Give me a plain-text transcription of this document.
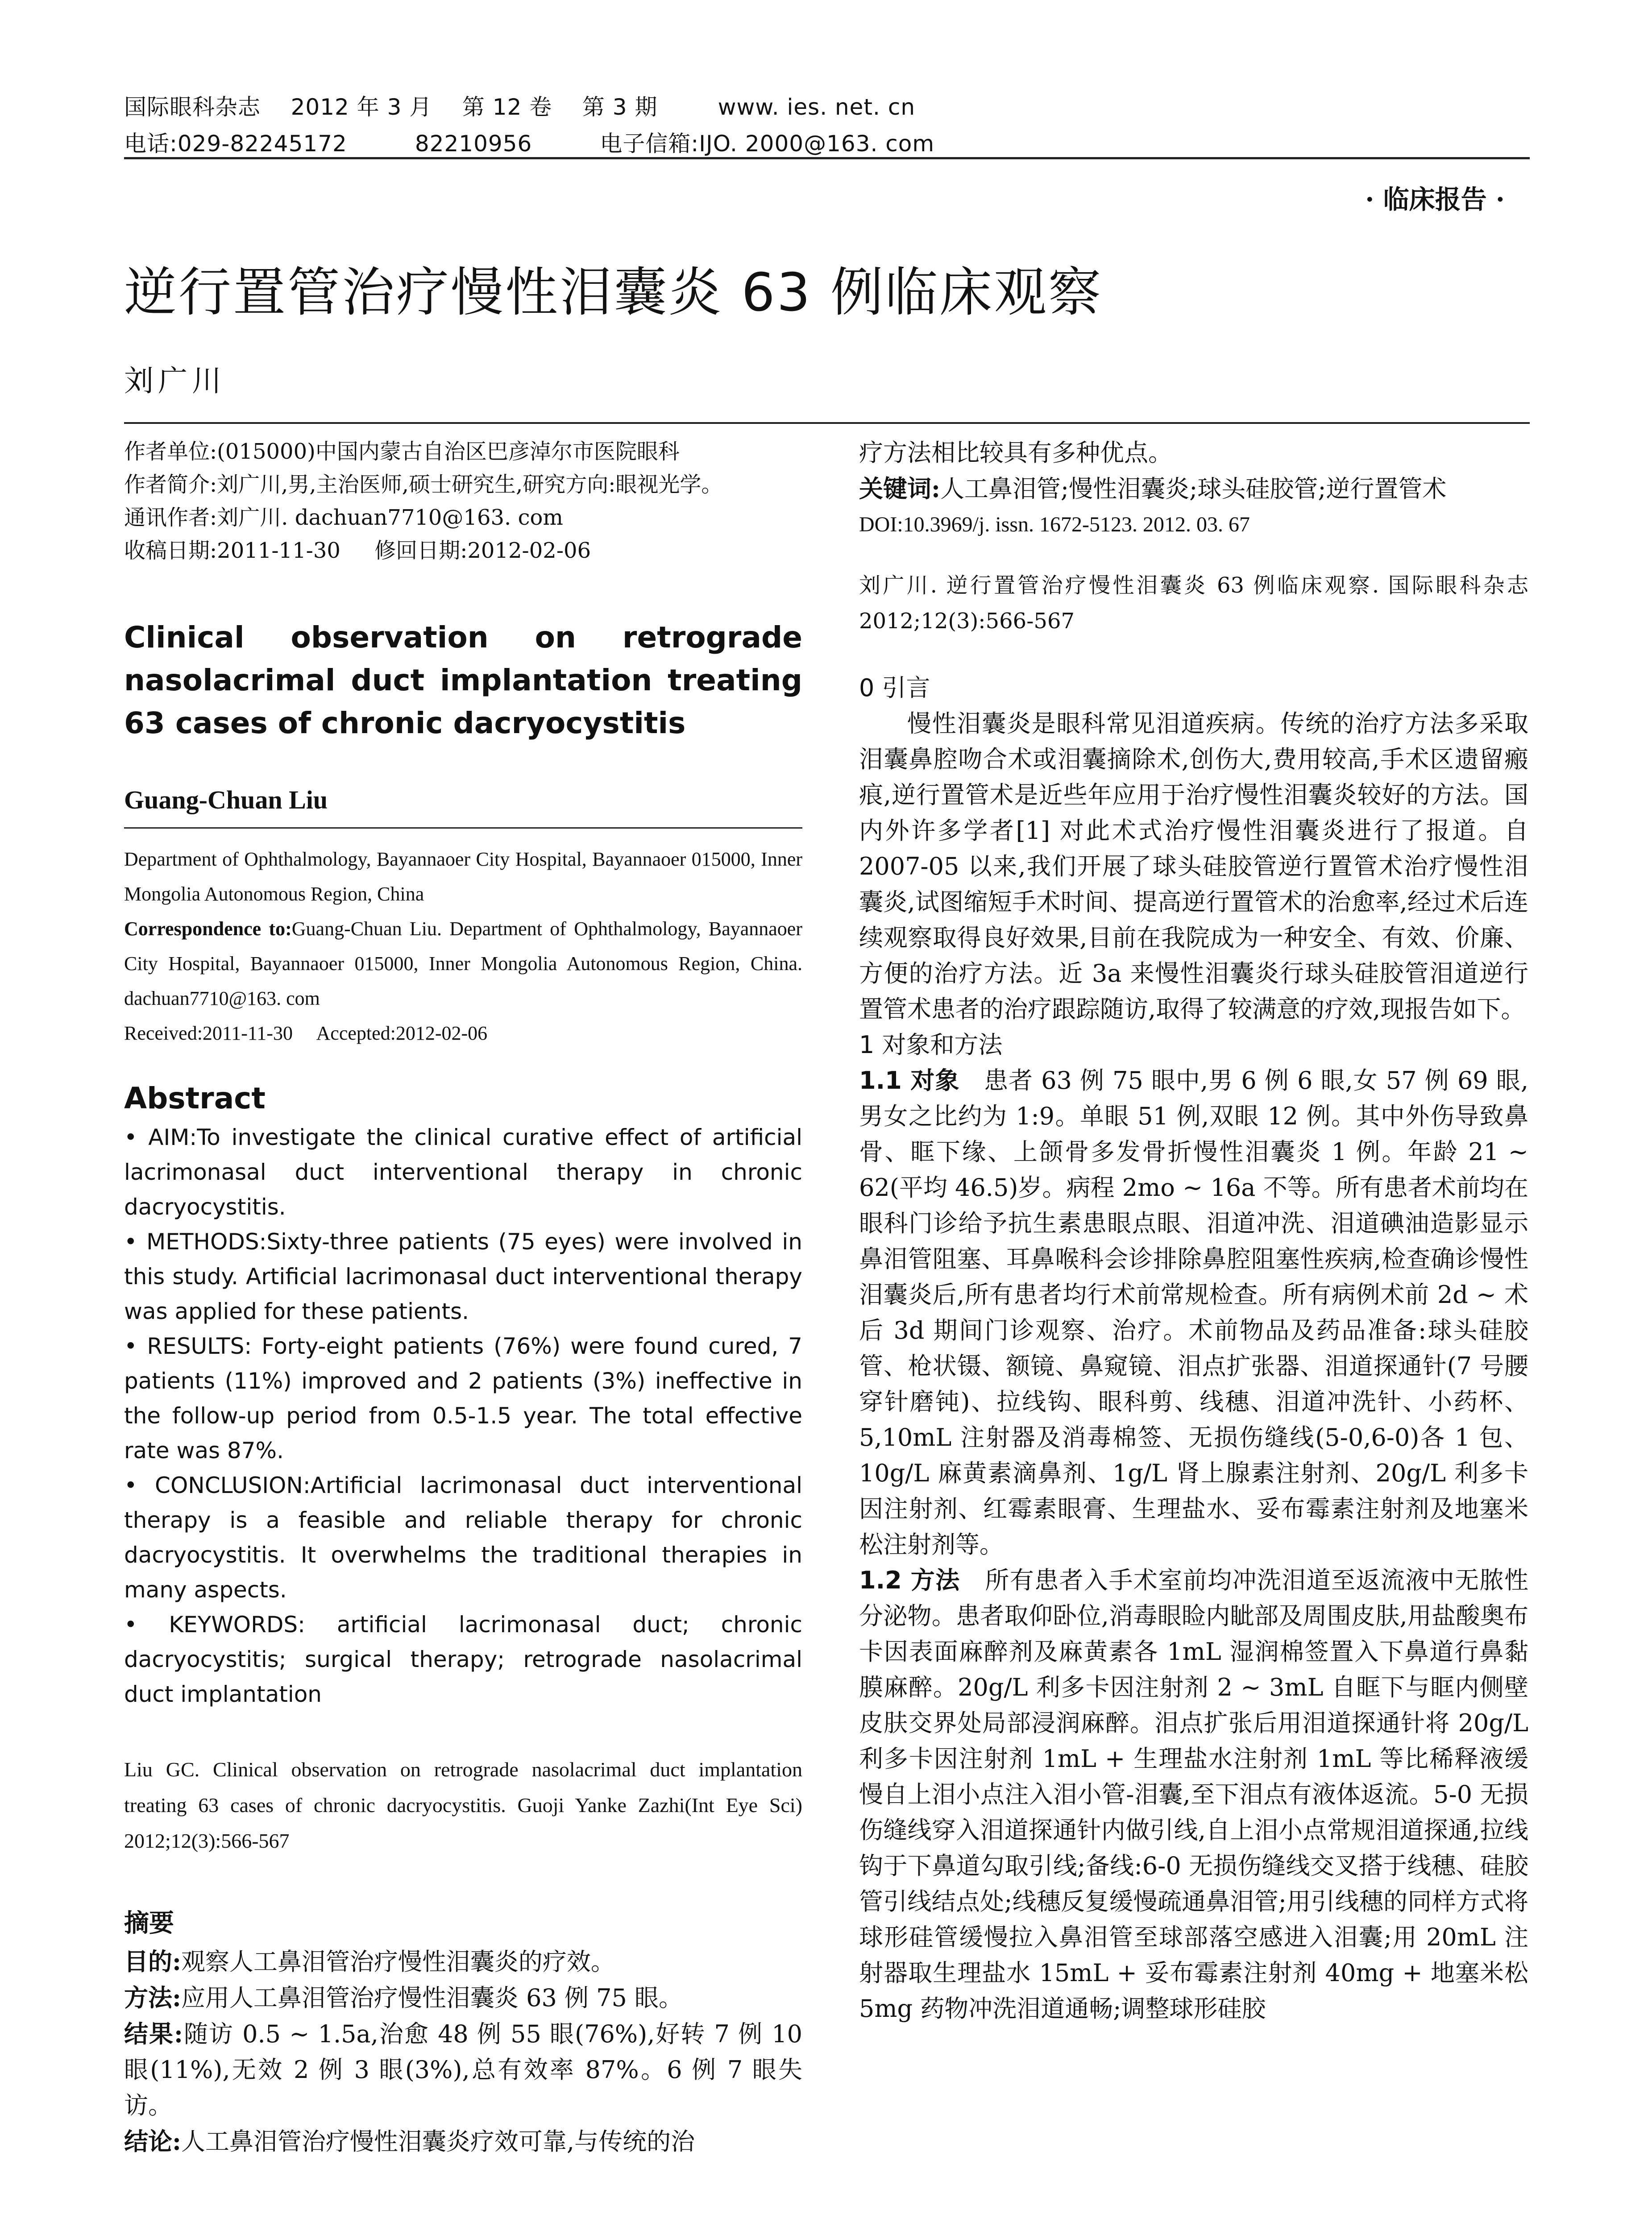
国际眼科杂志    2012 年 3 月    第 12 卷    第 3 期        www. ies. net. cn
电话:029-82245172         82210956         电子信箱:IJO. 2000@163. com
· 临床报告 ·
逆行置管治疗慢性泪囊炎 63 例临床观察
刘广川

作者单位:(015000)中国内蒙古自治区巴彦淖尔市医院眼科

作者简介:刘广川,男,主治医师,硕士研究生,研究方向:眼视光学。

通讯作者:刘广川. dachuan7710@163. com

收稿日期:2011-11-30     修回日期:2012-02-06

Clinical observation on retrograde nasolacrimal duct implantation treating 63 cases of chronic dacryocystitis
Guang-Chuan Liu

Department of Ophthalmology, Bayannaoer City Hospital, Bayannaoer 015000, Inner Mongolia Autonomous Region, China

Correspondence to:Guang-Chuan Liu. Department of Ophthalmology, Bayannaoer City Hospital, Bayannaoer 015000, Inner Mongolia Autonomous Region, China. dachuan7710@163. com

Received:2011-11-30     Accepted:2012-02-06

Abstract

• AIM:To investigate the clinical curative effect of artificial lacrimonasal duct interventional therapy in chronic dacryocystitis.

• METHODS:Sixty-three patients (75 eyes) were involved in this study. Artificial lacrimonasal duct interventional therapy was applied for these patients.

• RESULTS: Forty-eight patients (76%) were found cured, 7 patients (11%) improved and 2 patients (3%) ineffective in the follow-up period from 0.5-1.5 year. The total effective rate was 87%.

• CONCLUSION:Artificial lacrimonasal duct interventional therapy is a feasible and reliable therapy for chronic dacryocystitis. It overwhelms the traditional therapies in many aspects.

• KEYWORDS: artificial lacrimonasal duct; chronic dacryocystitis; surgical therapy; retrograde nasolacrimal duct implantation

Liu GC. Clinical observation on retrograde nasolacrimal duct implantation treating 63 cases of chronic dacryocystitis. Guoji Yanke Zazhi(Int Eye Sci) 2012;12(3):566-567

摘要

目的:观察人工鼻泪管治疗慢性泪囊炎的疗效。

方法:应用人工鼻泪管治疗慢性泪囊炎 63 例 75 眼。

结果:随访 0.5 ~ 1.5a,治愈 48 例 55 眼(76%),好转 7 例 10 眼(11%),无效 2 例 3 眼(3%),总有效率 87%。6 例 7 眼失访。

结论:人工鼻泪管治疗慢性泪囊炎疗效可靠,与传统的治

疗方法相比较具有多种优点。

关键词:人工鼻泪管;慢性泪囊炎;球头硅胶管;逆行置管术

DOI:10.3969/j. issn. 1672-5123. 2012. 03. 67

刘广川. 逆行置管治疗慢性泪囊炎 63 例临床观察. 国际眼科杂志 2012;12(3):566-567

0 引言

慢性泪囊炎是眼科常见泪道疾病。传统的治疗方法多采取泪囊鼻腔吻合术或泪囊摘除术,创伤大,费用较高,手术区遗留瘢痕,逆行置管术是近些年应用于治疗慢性泪囊炎较好的方法。国内外许多学者[1] 对此术式治疗慢性泪囊炎进行了报道。自 2007-05 以来,我们开展了球头硅胶管逆行置管术治疗慢性泪囊炎,试图缩短手术时间、提高逆行置管术的治愈率,经过术后连续观察取得良好效果,目前在我院成为一种安全、有效、价廉、方便的治疗方法。近 3a 来慢性泪囊炎行球头硅胶管泪道逆行置管术患者的治疗跟踪随访,取得了较满意的疗效,现报告如下。

1 对象和方法

1.1 对象 患者 63 例 75 眼中,男 6 例 6 眼,女 57 例 69 眼,男女之比约为 1:9。单眼 51 例,双眼 12 例。其中外伤导致鼻骨、眶下缘、上颌骨多发骨折慢性泪囊炎 1 例。年龄 21 ~ 62(平均 46.5)岁。病程 2mo ~ 16a 不等。所有患者术前均在眼科门诊给予抗生素患眼点眼、泪道冲洗、泪道碘油造影显示鼻泪管阻塞、耳鼻喉科会诊排除鼻腔阻塞性疾病,检查确诊慢性泪囊炎后,所有患者均行术前常规检查。所有病例术前 2d ~ 术后 3d 期间门诊观察、治疗。术前物品及药品准备:球头硅胶管、枪状镊、额镜、鼻窥镜、泪点扩张器、泪道探通针(7 号腰穿针磨钝)、拉线钩、眼科剪、线穗、泪道冲洗针、小药杯、5,10mL 注射器及消毒棉签、无损伤缝线(5-0,6-0)各 1 包、10g/L 麻黄素滴鼻剂、1g/L 肾上腺素注射剂、20g/L 利多卡因注射剂、红霉素眼膏、生理盐水、妥布霉素注射剂及地塞米松注射剂等。

1.2 方法 所有患者入手术室前均冲洗泪道至返流液中无脓性分泌物。患者取仰卧位,消毒眼睑内眦部及周围皮肤,用盐酸奥布卡因表面麻醉剂及麻黄素各 1mL 湿润棉签置入下鼻道行鼻黏膜麻醉。20g/L 利多卡因注射剂 2 ~ 3mL 自眶下与眶内侧壁皮肤交界处局部浸润麻醉。泪点扩张后用泪道探通针将 20g/L 利多卡因注射剂 1mL + 生理盐水注射剂 1mL 等比稀释液缓慢自上泪小点注入泪小管-泪囊,至下泪点有液体返流。5-0 无损伤缝线穿入泪道探通针内做引线,自上泪小点常规泪道探通,拉线钩于下鼻道勾取引线;备线:6-0 无损伤缝线交叉搭于线穗、硅胶管引线结点处;线穗反复缓慢疏通鼻泪管;用引线穗的同样方式将球形硅管缓慢拉入鼻泪管至球部落空感进入泪囊;用 20mL 注射器取生理盐水 15mL + 妥布霉素注射剂 40mg + 地塞米松 5mg 药物冲洗泪道通畅;调整球形硅胶
